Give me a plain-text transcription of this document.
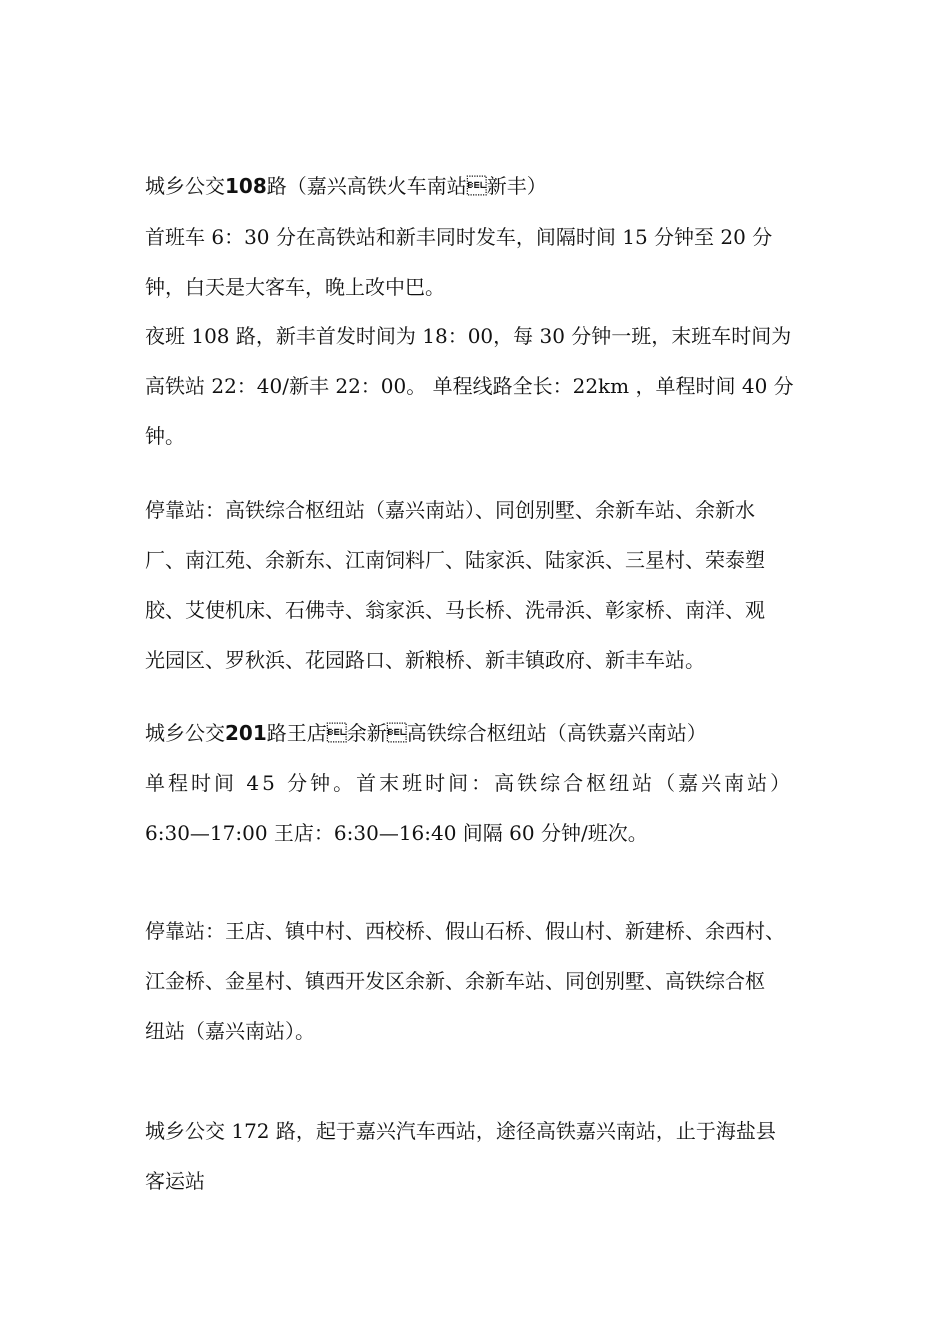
城乡公交108路（嘉兴高铁火车南站新丰）
首班车 6：30 分在高铁站和新丰同时发车，间隔时间 15 分钟至 20 分
钟，白天是大客车，晚上改中巴。
夜班 108 路，新丰首发时间为 18：00，每 30 分钟一班，末班车时间为
高铁站 22：40/新丰 22：00。 单程线路全长：22km ，单程时间 40 分
钟。
停靠站：高铁综合枢纽站（嘉兴南站）、同创别墅、余新车站、余新水
厂、南江苑、余新东、江南饲料厂、陆家浜、陆家浜、三星村、荣泰塑
胶、艾使机床、石佛寺、翁家浜、马长桥、洗帚浜、彰家桥、南洋、观
光园区、罗秋浜、花园路口、新粮桥、新丰镇政府、新丰车站。
城乡公交201路王店余新高铁综合枢纽站（高铁嘉兴南站）
单程时间 45 分钟。首末班时间：高铁综合枢纽站（嘉兴南站）
6:30—17:00 王店：6:30—16:40 间隔 60 分钟/班次。
停靠站：王店、镇中村、西校桥、假山石桥、假山村、新建桥、余西村、
江金桥、金星村、镇西开发区余新、余新车站、同创别墅、高铁综合枢
纽站（嘉兴南站）。
城乡公交 172 路，起于嘉兴汽车西站，途径高铁嘉兴南站，止于海盐县
客运站
